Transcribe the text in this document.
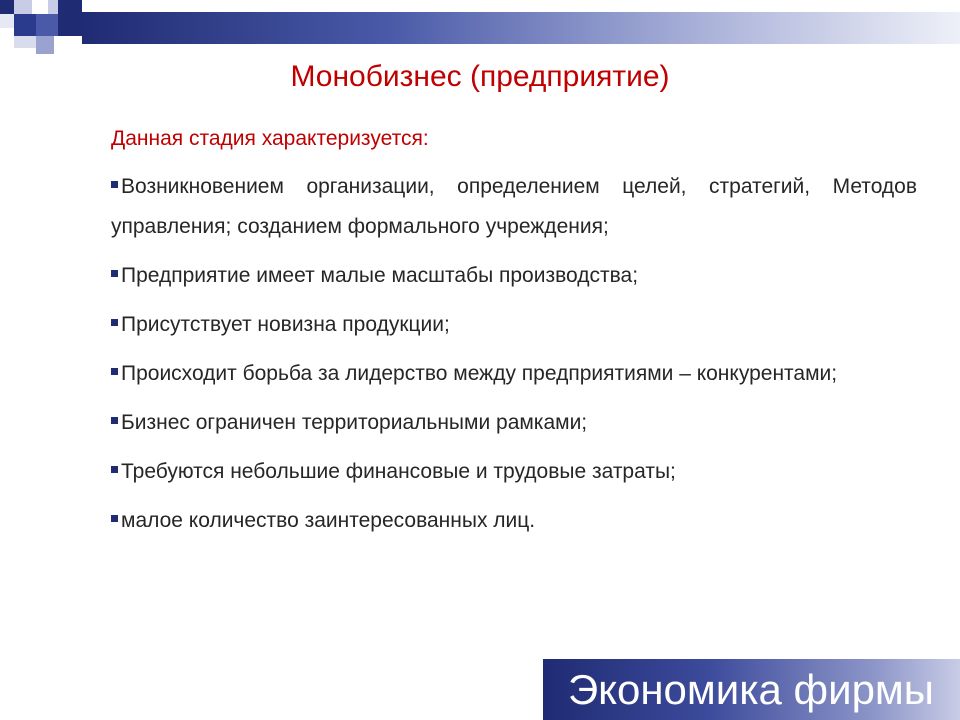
Монобизнес (предприятие)
Данная стадия характеризуется:
Возникновением организации, определением целей, стратегий, Методов управления; созданием формального учреждения;
Предприятие имеет малые масштабы производства;
Присутствует новизна продукции;
Происходит борьба за лидерство между предприятиями – конкурентами;
Бизнес ограничен территориальными рамками;
Требуются небольшие финансовые и трудовые затраты;
малое количество заинтересованных лиц.
Экономика фирмы
